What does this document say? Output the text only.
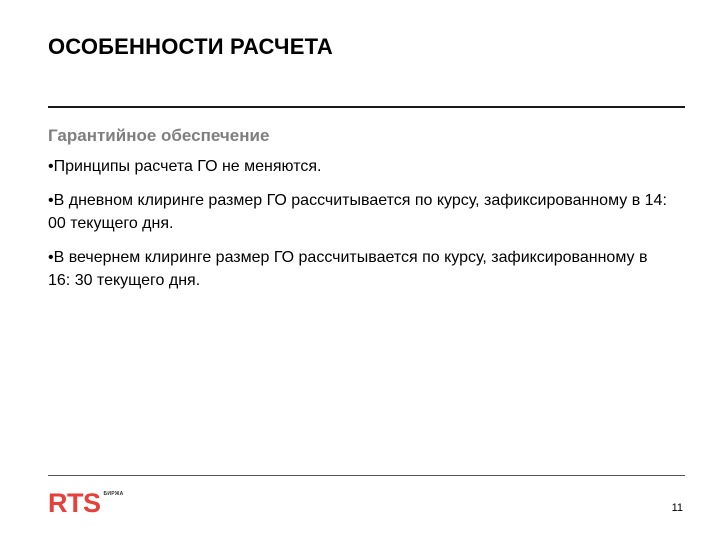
ОСОБЕННОСТИ РАСЧЕТА
Гарантийное обеспечение
•Принципы расчета ГО не меняются.
•В дневном клиринге размер ГО рассчитывается по курсу, зафиксированному в 14: 00 текущего дня.
•В вечернем клиринге размер ГО рассчитывается по курсу, зафиксированному в 16: 30 текущего дня.
RTS БИРЖА
11
